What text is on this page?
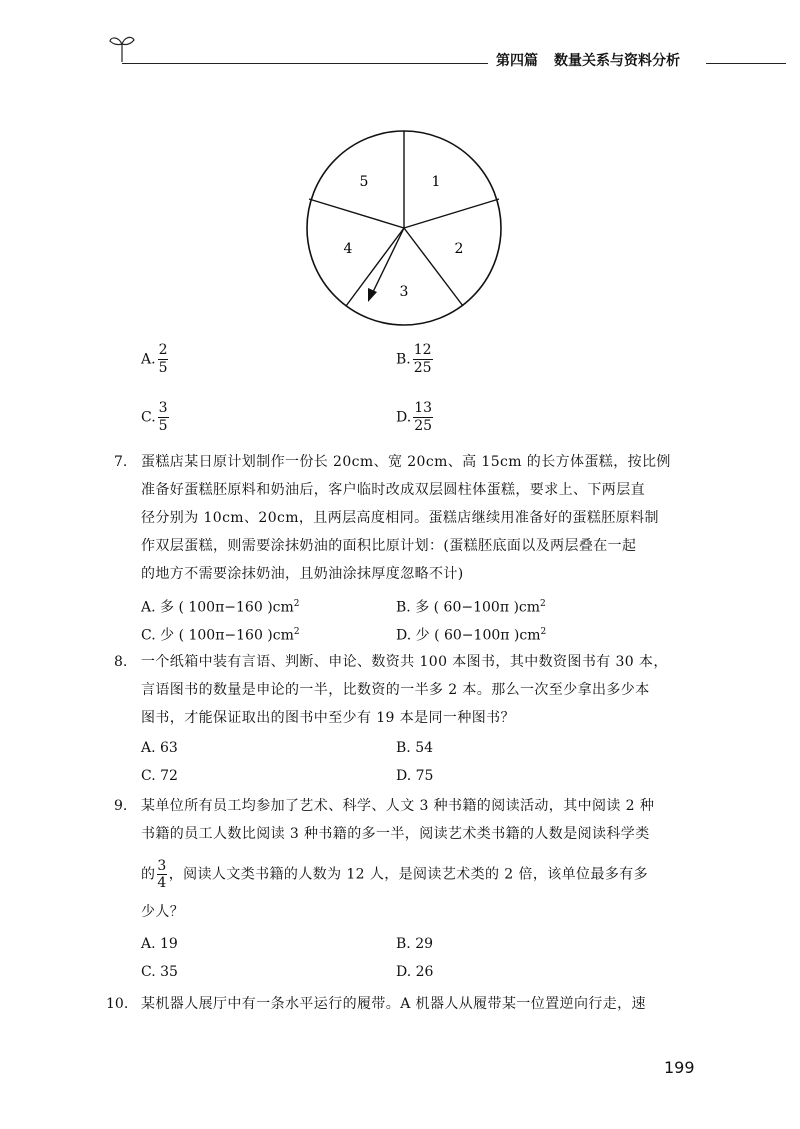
第四篇 数量关系与资料分析
5	1
2
3
4
A. $\frac{2}{5}$	B. $\frac{12}{25}$
C. $\frac{3}{5}$	D. $\frac{13}{25}$
7. 蛋糕店某日原计划制作一份长 20cm、宽 20cm、高 15cm 的长方体蛋糕，按比例
准备好蛋糕胚原料和奶油后，客户临时改成双层圆柱体蛋糕，要求上、下两层直
径分别为 10cm、20cm，且两层高度相同。蛋糕店继续用准备好的蛋糕胚原料制
作双层蛋糕，则需要涂抹奶油的面积比原计划：(蛋糕胚底面以及两层叠在一起
的地方不需要涂抹奶油，且奶油涂抹厚度忽略不计)
A. 多 ( 100π−160 )$cm^2$	B. 多 ( 60−100π )$cm^2$
C. 少 ( 100π−160 )$cm^2$	D. 少 ( 60−100π )$cm^2$
8. 一个纸箱中装有言语、判断、申论、数资共 100 本图书，其中数资图书有 30 本，
言语图书的数量是申论的一半，比数资的一半多 2 本。那么一次至少拿出多少本
图书，才能保证取出的图书中至少有 19 本是同一种图书？
A. 63	B. 54
C. 72	D. 75
9. 某单位所有员工均参加了艺术、科学、人文 3 种书籍的阅读活动，其中阅读 2 种
书籍的员工人数比阅读 3 种书籍的多一半，阅读艺术类书籍的人数是阅读科学类
的 $\frac{3}{4}$ ，阅读人文类书籍的人数为 12 人，是阅读艺术类的 2 倍，该单位最多有多
少人？
A. 19	B. 29
C. 35	D. 26
10. 某机器人展厅中有一条水平运行的履带。A 机器人从履带某一位置逆向行走，速
199
